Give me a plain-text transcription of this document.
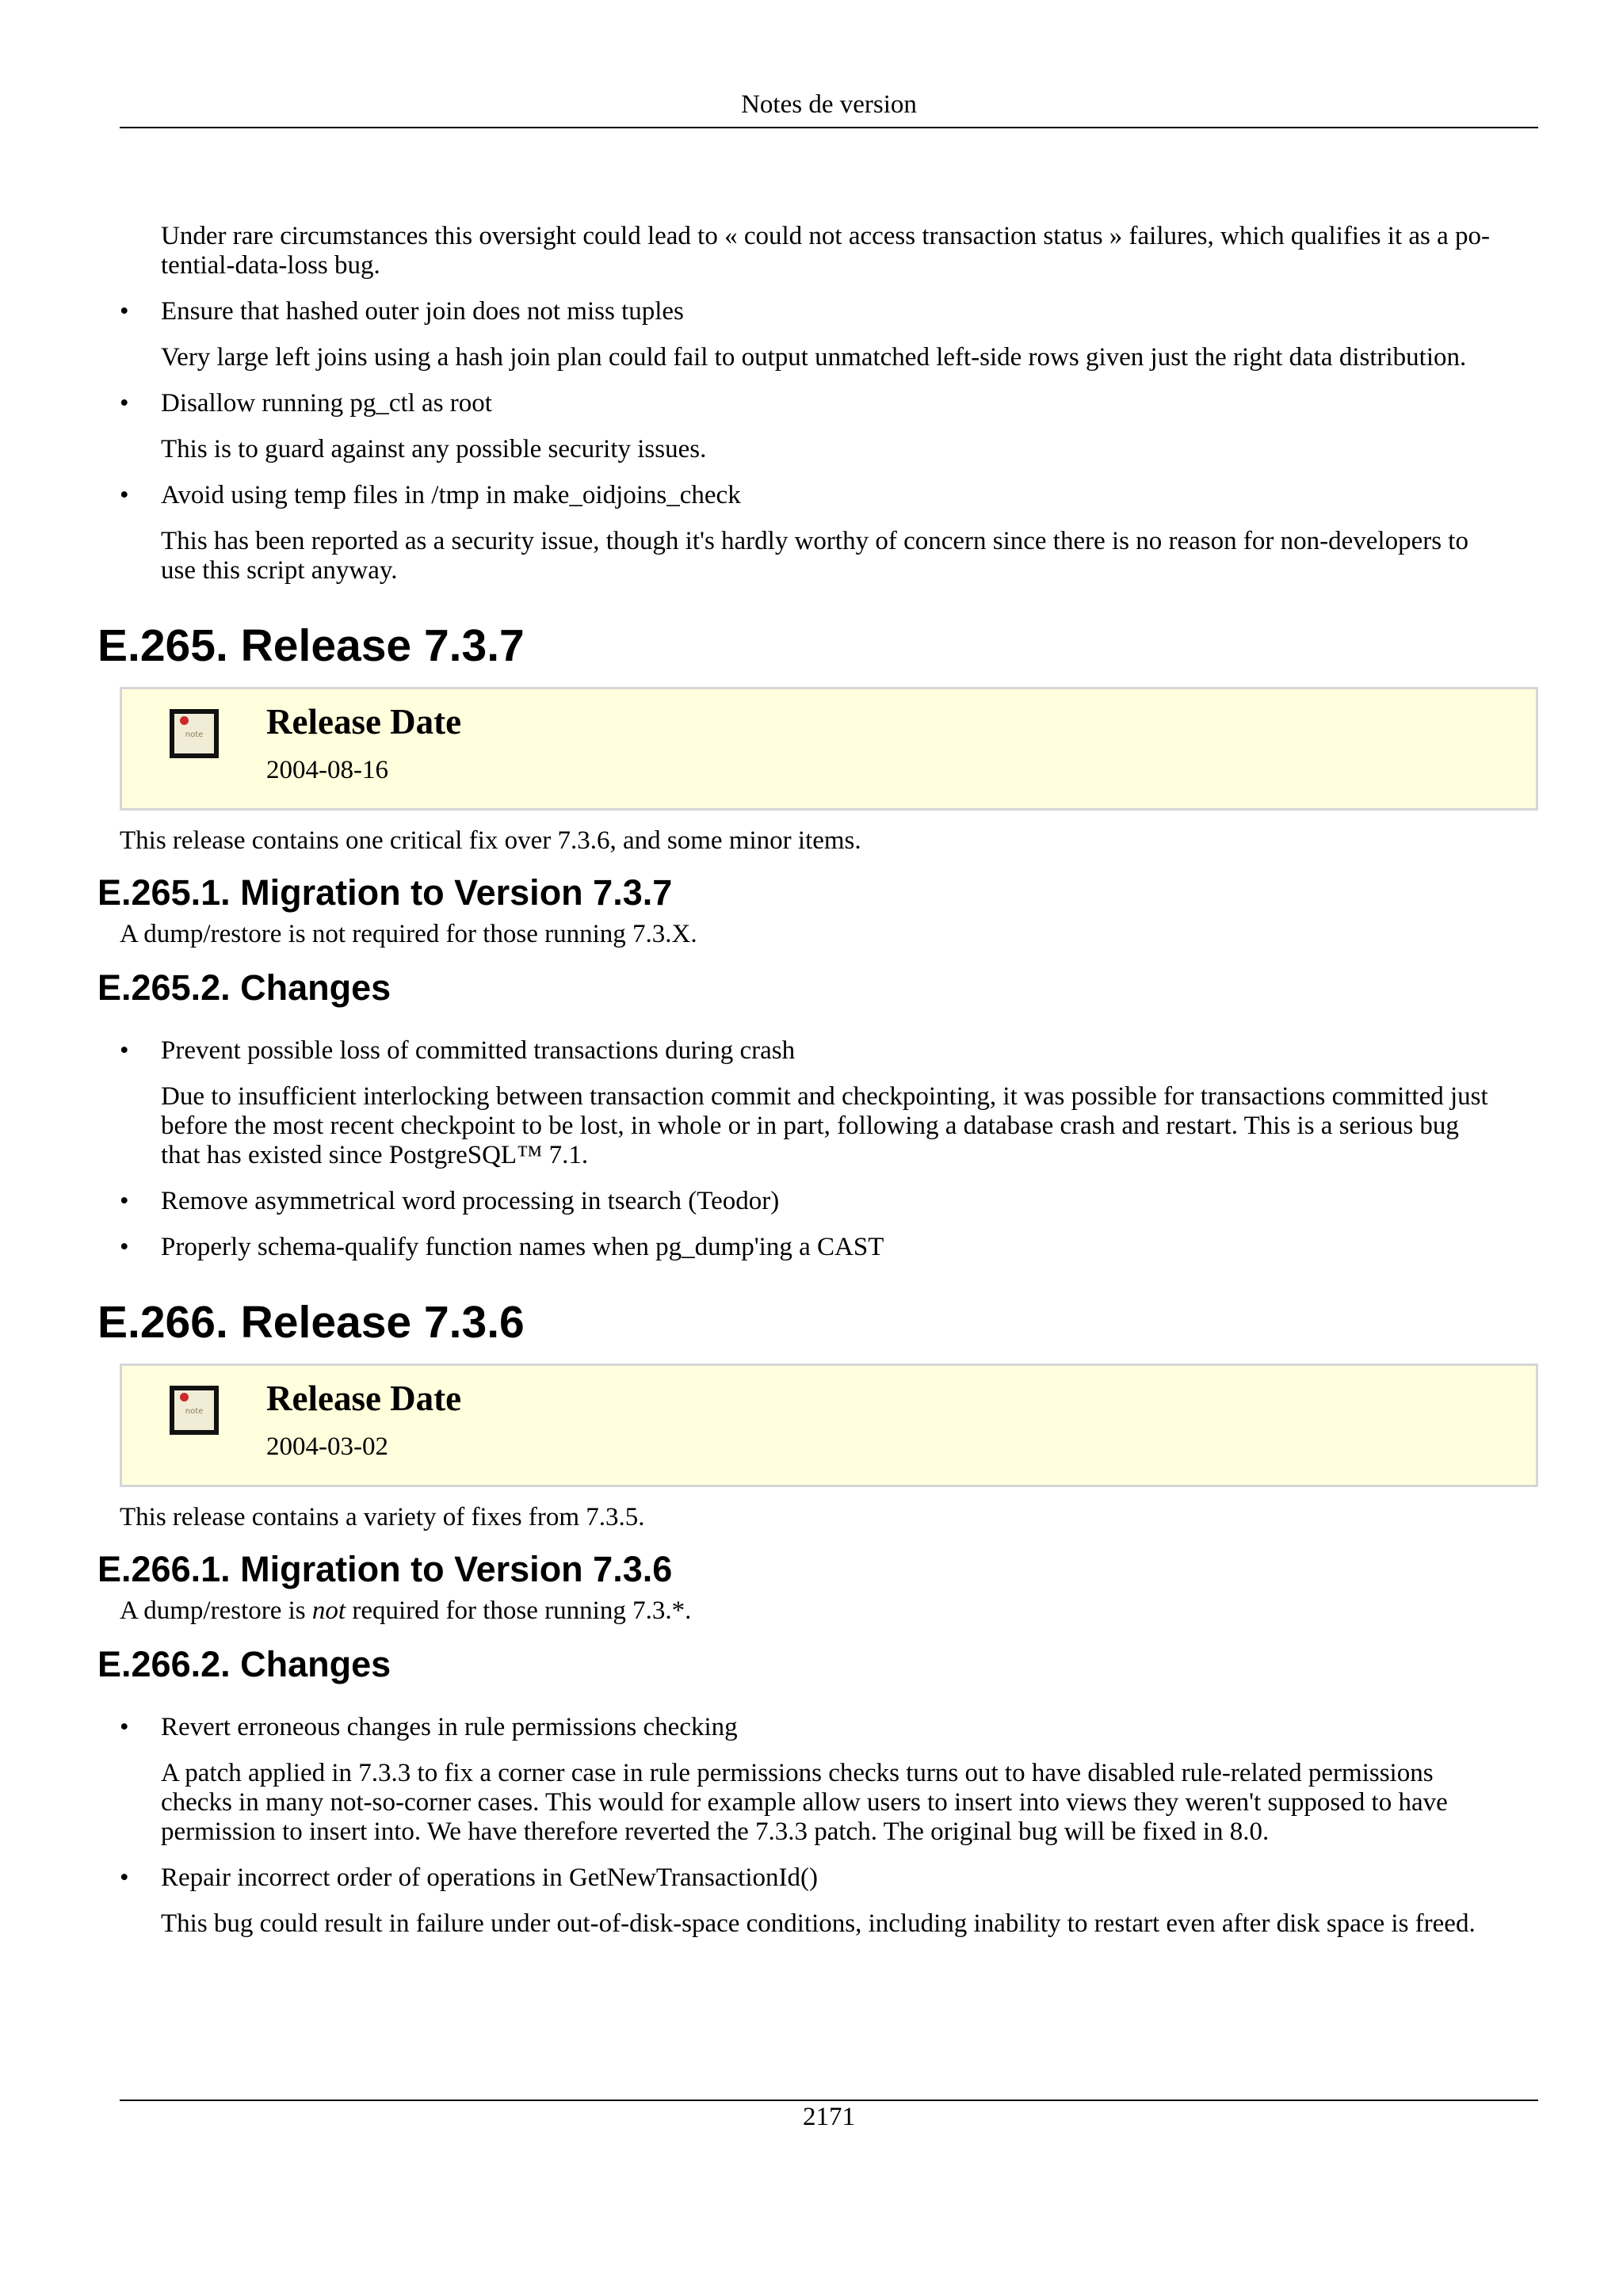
Notes de version

Under rare circumstances this oversight could lead to « could not access transaction status » failures, which qualifies it as a po-
tential-data-loss bug.

• Ensure that hashed outer join does not miss tuples

Very large left joins using a hash join plan could fail to output unmatched left-side rows given just the right data distribution.

• Disallow running pg_ctl as root

This is to guard against any possible security issues.

• Avoid using temp files in /tmp in make_oidjoins_check

This has been reported as a security issue, though it's hardly worthy of concern since there is no reason for non-developers to
use this script anyway.

E.265. Release 7.3.7
note Release Date
2004-08-16

This release contains one critical fix over 7.3.6, and some minor items.

E.265.1. Migration to Version 7.3.7

A dump/restore is not required for those running 7.3.X.

E.265.2. Changes
• Prevent possible loss of committed transactions during crash

Due to insufficient interlocking between transaction commit and checkpointing, it was possible for transactions committed just
before the most recent checkpoint to be lost, in whole or in part, following a database crash and restart. This is a serious bug
that has existed since PostgreSQL™ 7.1.

• Remove asymmetrical word processing in tsearch (Teodor)

• Properly schema-qualify function names when pg_dump'ing a CAST

E.266. Release 7.3.6
note Release Date
2004-03-02

This release contains a variety of fixes from 7.3.5.

E.266.1. Migration to Version 7.3.6

A dump/restore is not required for those running 7.3.*.

E.266.2. Changes
• Revert erroneous changes in rule permissions checking

A patch applied in 7.3.3 to fix a corner case in rule permissions checks turns out to have disabled rule-related permissions
checks in many not-so-corner cases. This would for example allow users to insert into views they weren't supposed to have
permission to insert into. We have therefore reverted the 7.3.3 patch. The original bug will be fixed in 8.0.

• Repair incorrect order of operations in GetNewTransactionId()

This bug could result in failure under out-of-disk-space conditions, including inability to restart even after disk space is freed.

2171
